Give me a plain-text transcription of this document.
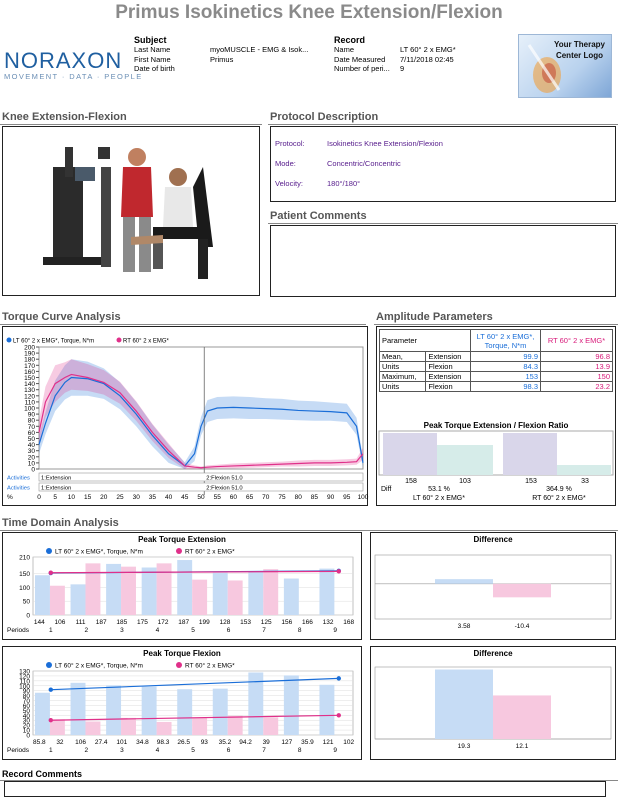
Primus Isokinetics Knee Extension/Flexion
NORAXON
MOVEMENT · DATA · PEOPLE
Subject
Last Name	myoMUSCLE - EMG & Isok...
First Name	Primus
Date of birth
Record
Name	LT 60° 2 x EMG*
Date Measured 7/11/2018 02:45
Number of peri... 9
Your Therapy
Center Logo
Knee Extension-Flexion	Protocol Description
Protocol:	Isokinetics Knee Extension/Flexion
Mode:	Concentric/Concentric
Velocity:	180°/180°
Patient Comments
Torque Curve Analysis	Amplitude Parameters
0
10
20
30
40
50
60
70
80
90
100
110
120
130
140
150
160
170
180
190
200
LT 60° 2 x EMG*, Torque, N*m	RT 60° 2 x EMG*
Activities 1:Extension	2:Flexion 51.0
Activities 1:Extension	2:Flexion 51.0
%	0 5 10 15 20 25 30 35 40 45 50 55 60 65 70 75 80 85 90 95 100
Parameter		LT 60° 2 x EMG*, Torque, N*m	RT 60° 2 x EMG*
Mean,	Extension	99.9	96.8
Units	Flexion	84.3	13.9
Maximum,	Extension	153	150
Units	Flexion	98.3	23.2
Peak Torque Extension / Flexion Ratio
158	103	153	33
Diff	53.1 %	364.9 %
LT 60° 2 x EMG*	RT 60° 2 x EMG*
Time Domain Analysis
Peak Torque Extension
LT 60° 2 x EMG*, Torque, N*m	RT 60° 2 x EMG*
0
50
100
150
210
1	2	3	4	5	6	7	8	9
144 106 111 187 185 175 172 187 199 128 153 125 156 166 132 168
Periods
Difference
3.58	-10.4
Peak Torque Flexion
LT 60° 2 x EMG*, Torque, N*m	RT 60° 2 x EMG*
0
10
20
30
40
50
60
70
80
90
100
110
120
130
1	2	3	4	5	6	7	8	9
85.8 32 106 27.4 101 34.8 98.3 26.5 93 35.2 94.2 39 127 35.9 121 102
Periods
Difference
19.3	12.1
Record Comments
